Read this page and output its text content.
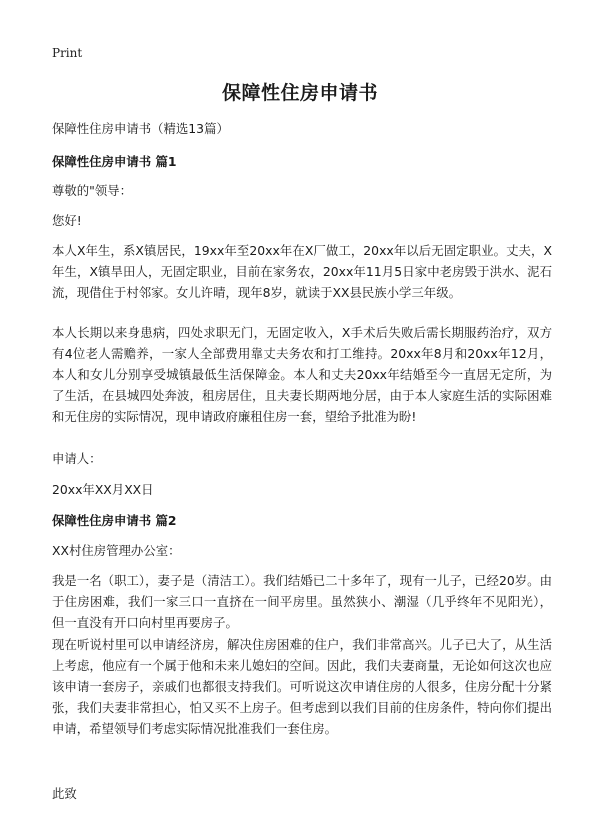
Print
保障性住房申请书

保障性住房申请书（精选13篇）

保障性住房申请书 篇1

尊敬的"领导：

您好!

本人X年生，系X镇居民，19xx年至20xx年在X厂做工，20xx年以后无固定职业。丈夫，X年生，X镇旱田人，无固定职业，目前在家务农，20xx年11月5日家中老房毁于洪水、泥石流，现借住于村邻家。女儿许晴，现年8岁，就读于XX县民族小学三年级。

本人长期以来身患病，四处求职无门，无固定收入，X手术后失败后需长期服药治疗，双方有4位老人需赡养，一家人全部费用靠丈夫务农和打工维持。20xx年8月和20xx年12月，本人和女儿分别享受城镇最低生活保障金。本人和丈夫20xx年结婚至今一直居无定所，为了生活，在县城四处奔波，租房居住，且夫妻长期两地分居，由于本人家庭生活的实际困难和无住房的实际情况，现申请政府廉租住房一套，望给予批准为盼!

申请人：

20xx年XX月XX日

保障性住房申请书 篇2

XX村住房管理办公室：

我是一名（职工），妻子是（清洁工）。我们结婚已二十多年了，现有一儿子，已经20岁。由于住房困难，我们一家三口一直挤在一间平房里。虽然狭小、潮湿（几乎终年不见阳光），但一直没有开口向村里再要房子。

现在听说村里可以申请经济房，解决住房困难的住户，我们非常高兴。儿子已大了，从生活上考虑，他应有一个属于他和未来儿媳妇的空间。因此，我们夫妻商量，无论如何这次也应该申请一套房子，亲戚们也都很支持我们。可听说这次申请住房的人很多，住房分配十分紧张，我们夫妻非常担心，怕又买不上房子。但考虑到以我们目前的住房条件，特向你们提出申请，希望领导们考虑实际情况批准我们一套住房。

此致
